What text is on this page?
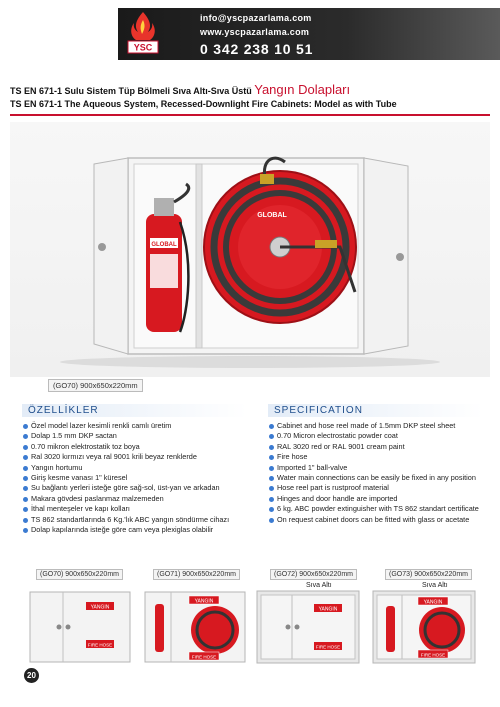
YSC
info@yscpazarlama.com
www.yscpazarlama.com
0 342 238 10 51
TS EN 671-1 Sulu Sistem Tüp Bölmeli Sıva Altı-Sıva Üstü Yangın Dolapları
TS EN 671-1 The Aqueous System, Recessed-Downlight Fire Cabinets: Model as with Tube
GLOBAL
GLOBAL
(GO70) 900x650x220mm
ÖZELLİKLER
Özel model lazer kesimli renkli camlı üretim
Dolap 1.5 mm DKP sactan
0.70 mikron elektrostatik toz boya
Ral 3020 kırmızı veya ral 9001 krili beyaz renklerde
Yangın hortumu
Giriş kesme vanası 1" küresel
Su bağlantı yerleri isteğe göre sağ-sol, üst-yan ve arkadan
Makara gövdesi paslanmaz malzemeden
İthal menteşeler ve kapı kolları
TS 862 standartlarında 6 Kg.'lık ABC yangın söndürme cihazı
Dolap kapılarında isteğe göre cam veya plexiglas olabilir
SPECIFICATION
Cabinet and hose reel made of 1.5mm DKP steel sheet
0.70 Micron electrostatic powder coat
RAL 3020 red or RAL 9001 cream paint
Fire hose
Imported 1" ball-valve
Water main connections can be easily be fixed in any position
Hose reel part is rustproof material
Hinges and door handle are imported
6 kg. ABC powder extinguisher with TS 862 standart certificate
On request cabinet doors can be fitted with glass or acetate
(GO70) 900x650x220mm	(GO71) 900x650x220mm	(GO72) 900x650x220mm	(GO73) 900x650x220mm
Sıva Altı	Sıva Altı
YANGIN
FIRE HOSE
YANGIN
FIRE HOSE
YANGIN
FIRE HOSE
YANGIN
FIRE HOSE
20
